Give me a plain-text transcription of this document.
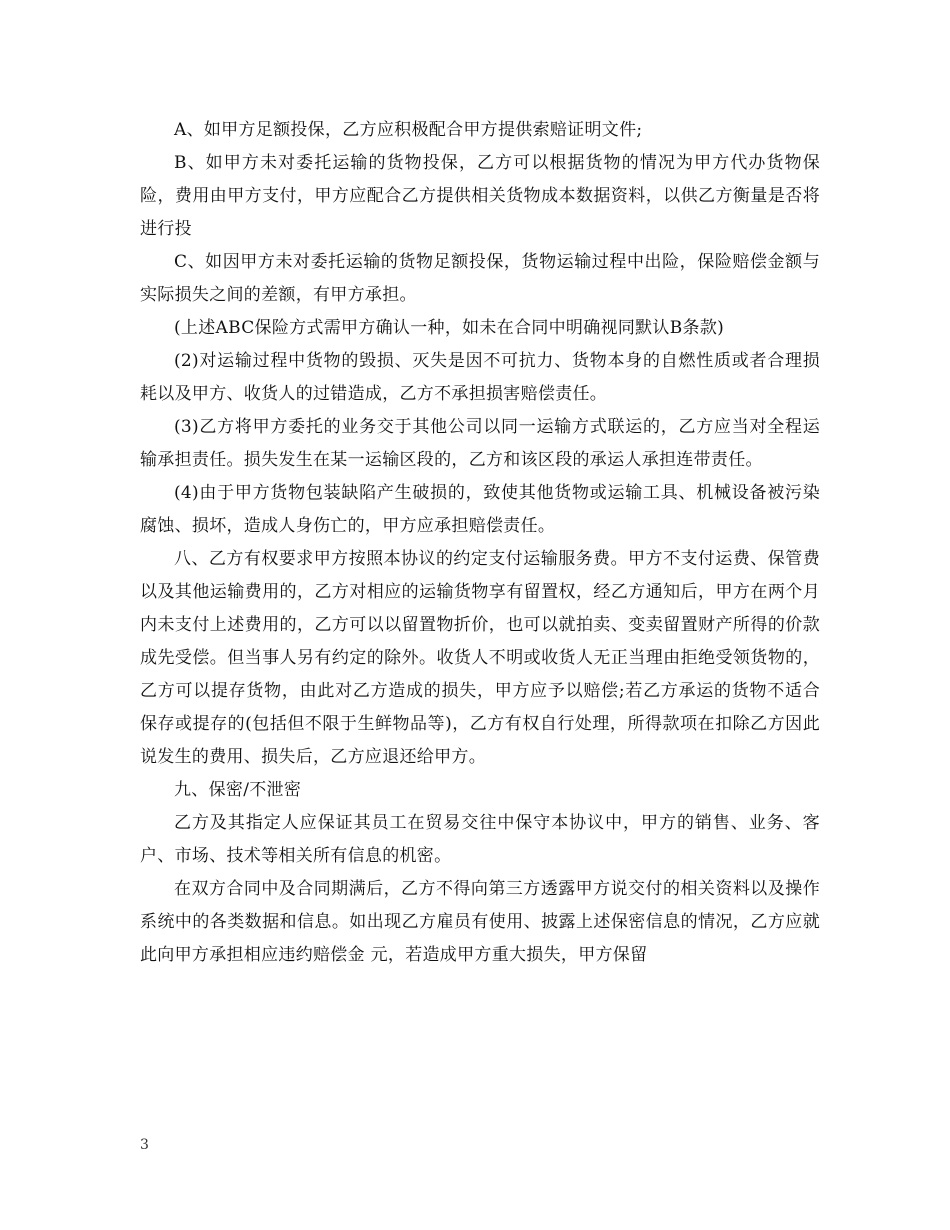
A、如甲方足额投保，乙方应积极配合甲方提供索赔证明文件;

B、如甲方未对委托运输的货物投保，乙方可以根据货物的情况为甲方代办货物保险，费用由甲方支付，甲方应配合乙方提供相关货物成本数据资料，以供乙方衡量是否将进行投

C、如因甲方未对委托运输的货物足额投保，货物运输过程中出险，保险赔偿金额与实际损失之间的差额，有甲方承担。

(上述ABC保险方式需甲方确认一种，如未在合同中明确视同默认B条款)

(2)对运输过程中货物的毁损、灭失是因不可抗力、货物本身的自燃性质或者合理损耗以及甲方、收货人的过错造成，乙方不承担损害赔偿责任。

(3)乙方将甲方委托的业务交于其他公司以同一运输方式联运的，乙方应当对全程运输承担责任。损失发生在某一运输区段的，乙方和该区段的承运人承担连带责任。

(4)由于甲方货物包装缺陷产生破损的，致使其他货物或运输工具、机械设备被污染腐蚀、损坏，造成人身伤亡的，甲方应承担赔偿责任。

八、乙方有权要求甲方按照本协议的约定支付运输服务费。甲方不支付运费、保管费以及其他运输费用的，乙方对相应的运输货物享有留置权，经乙方通知后，甲方在两个月内未支付上述费用的，乙方可以以留置物折价，也可以就拍卖、变卖留置财产所得的价款成先受偿。但当事人另有约定的除外。收货人不明或收货人无正当理由拒绝受领货物的，乙方可以提存货物，由此对乙方造成的损失，甲方应予以赔偿;若乙方承运的货物不适合保存或提存的(包括但不限于生鲜物品等)，乙方有权自行处理，所得款项在扣除乙方因此说发生的费用、损失后，乙方应退还给甲方。

九、保密/不泄密

乙方及其指定人应保证其员工在贸易交往中保守本协议中，甲方的销售、业务、客户、市场、技术等相关所有信息的机密。

在双方合同中及合同期满后，乙方不得向第三方透露甲方说交付的相关资料以及操作系统中的各类数据和信息。如出现乙方雇员有使用、披露上述保密信息的情况，乙方应就此向甲方承担相应违约赔偿金 元，若造成甲方重大损失，甲方保留

3
